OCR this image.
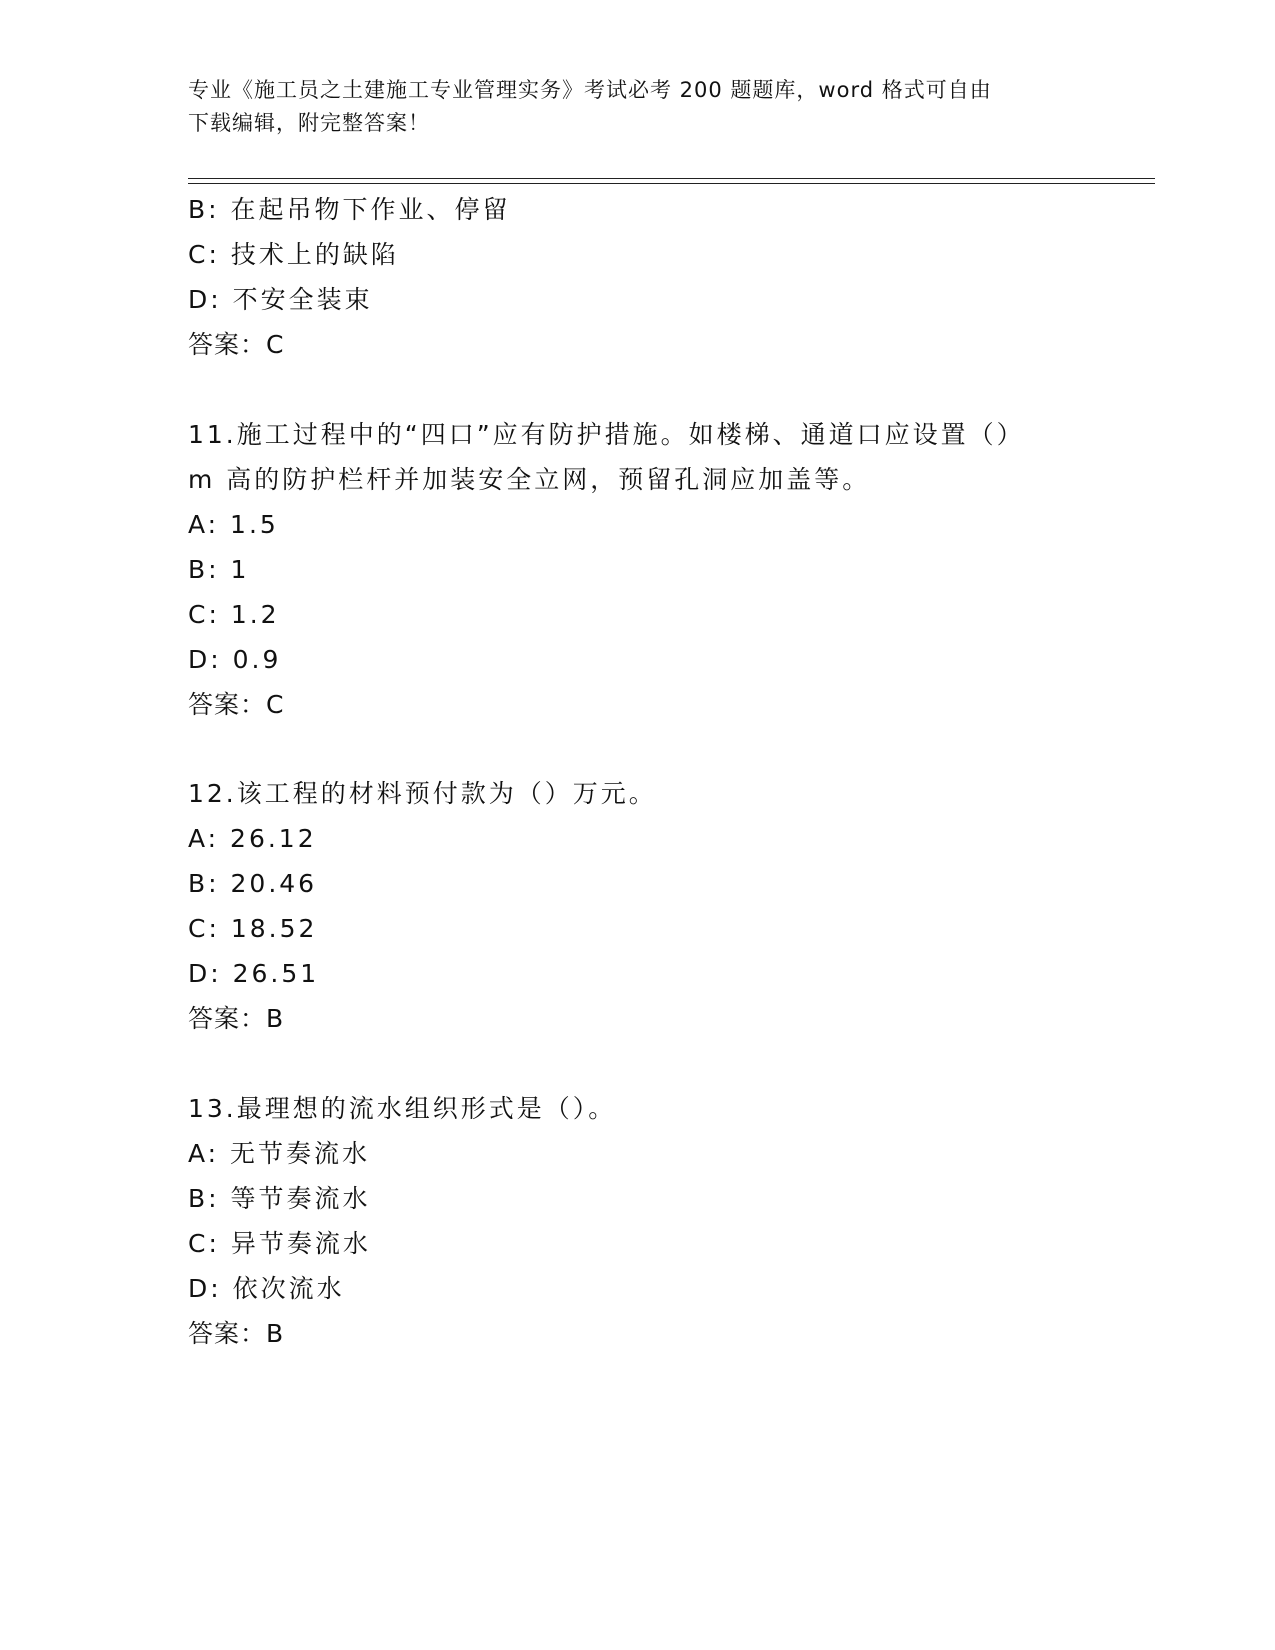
专业《施工员之土建施工专业管理实务》考试必考 200 题题库，word 格式可自由
下载编辑，附完整答案！
B: 在起吊物下作业、停留
C: 技术上的缺陷
D: 不安全装束
答案：C
11.施工过程中的“四口”应有防护措施。如楼梯、通道口应设置（）
m 高的防护栏杆并加装安全立网，预留孔洞应加盖等。
A: 1.5
B: 1
C: 1.2
D: 0.9
答案：C
12.该工程的材料预付款为（）万元。
A: 26.12
B: 20.46
C: 18.52
D: 26.51
答案：B
13.最理想的流水组织形式是（）。
A: 无节奏流水
B: 等节奏流水
C: 异节奏流水
D: 依次流水
答案：B
